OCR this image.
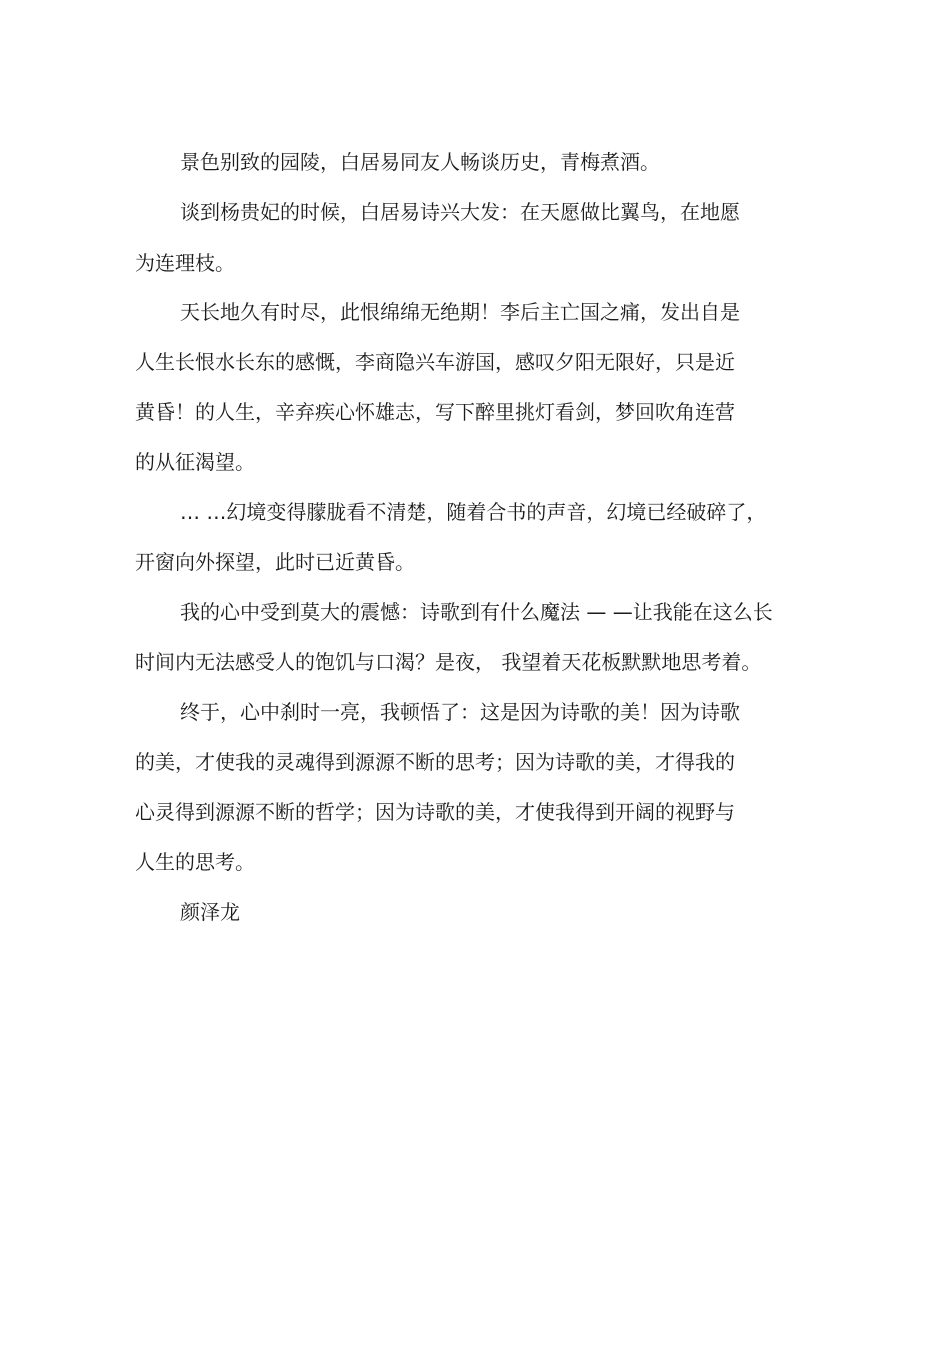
景色别致的园陵，白居易同友人畅谈历史，青梅煮酒。

谈到杨贵妃的时候，白居易诗兴大发：在天愿做比翼鸟，在地愿

为连理枝。

天长地久有时尽，此恨绵绵无绝期！李后主亡国之痛，发出自是

人生长恨水长东的感慨，李商隐兴车游国，感叹夕阳无限好，只是近

黄昏！的人生，辛弃疾心怀雄志，写下醉里挑灯看剑，梦回吹角连营

的从征渴望。

… …幻境变得朦胧看不清楚，随着合书的声音，幻境已经破碎了，

开窗向外探望，此时已近黄昏。

我的心中受到莫大的震憾：诗歌到有什么魔法 — —让我能在这么长

时间内无法感受人的饱饥与口渴？是夜， 我望着天花板默默地思考着。

终于，心中刹时一亮，我顿悟了：这是因为诗歌的美！因为诗歌

的美，才使我的灵魂得到源源不断的思考；因为诗歌的美，才得我的

心灵得到源源不断的哲学；因为诗歌的美，才使我得到开阔的视野与

人生的思考。

颜泽龙
